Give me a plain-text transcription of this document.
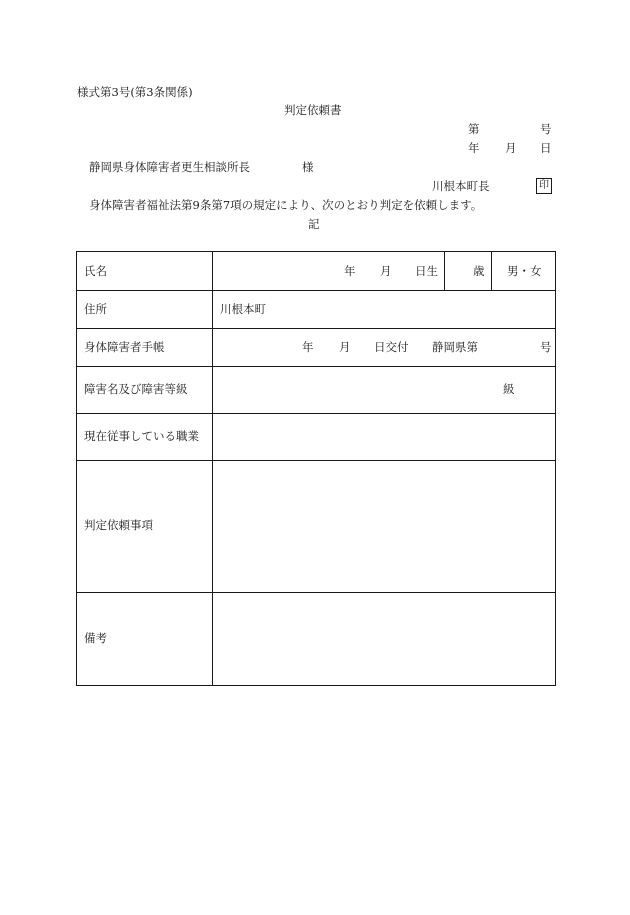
様式第3号(第3条関係)
判定依頼書
第	号
年 月 日
静岡県身体障害者更生相談所長	様
川根本町長	印
身体障害者福祉法第9条第7項の規定により、次のとおり判定を依頼します。
記
氏名	年 月 日生	歳 男・女
住所	川根本町
身体障害者手帳	年 月 日交付 静岡県第	号
障害名及び障害等級	級
現在従事している職業
判定依頼事項
備考
